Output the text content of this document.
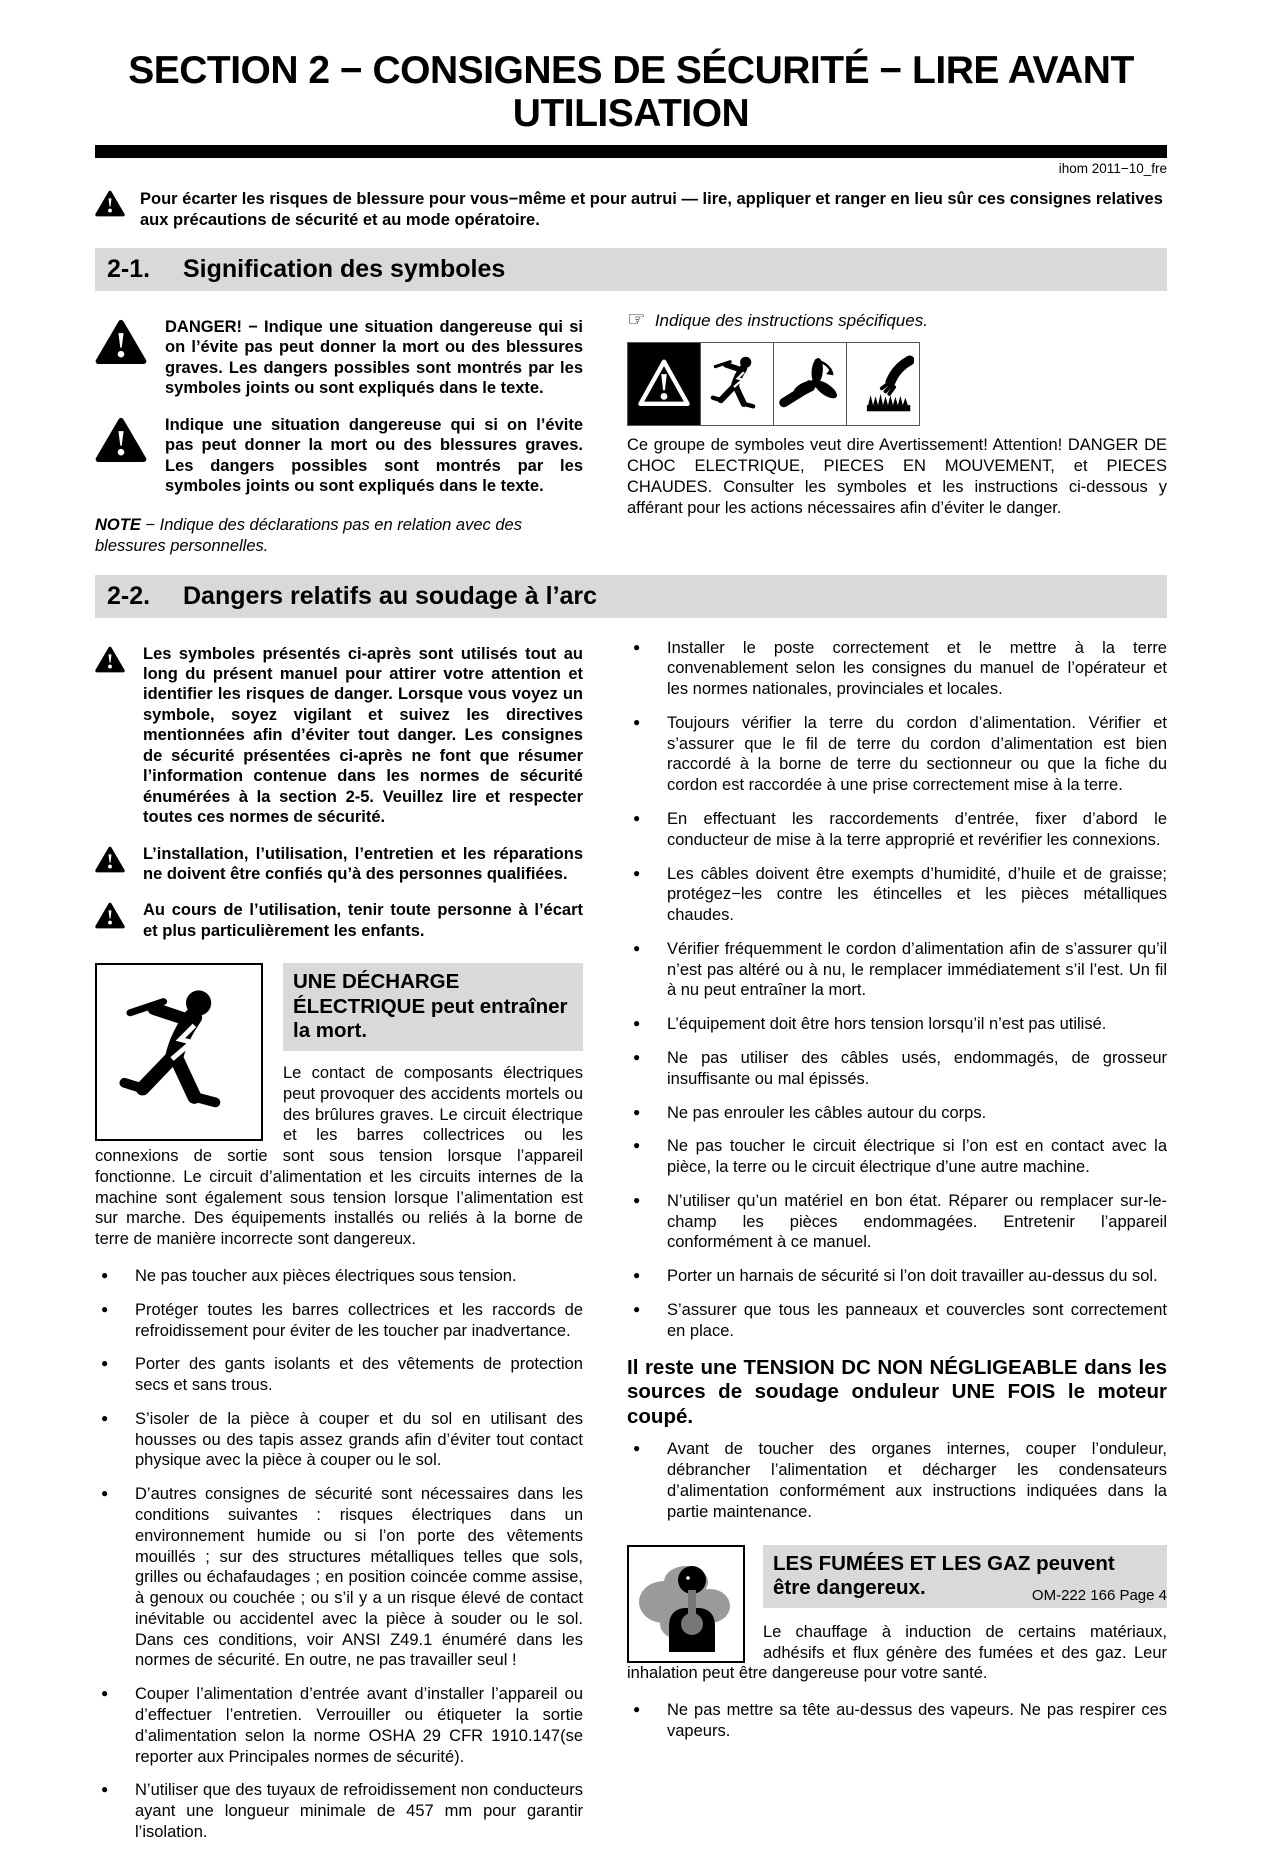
SECTION 2 − CONSIGNES DE SÉCURITÉ − LIRE AVANT
UTILISATION
ihom 2011−10_fre

Pour écarter les risques de blessure pour vous−même et pour autrui — lire, appliquer et ranger en lieu sûr ces consignes relatives aux précautions de sécurité et au mode opératoire.

2-1.	Signification des symboles

DANGER! − Indique une situation dangereuse qui si on l’évite pas peut donner la mort ou des blessures graves. Les dangers possibles sont montrés par les symboles joints ou sont expliqués dans le texte.

Indique une situation dangereuse qui si on l’évite pas peut donner la mort ou des blessures graves. Les dangers possibles sont montrés par les symboles joints ou sont expliqués dans le texte.

NOTE − Indique des déclarations pas en relation avec des blessures personnelles.
☞ Indique des instructions spécifiques.

Ce groupe de symboles veut dire Avertissement! Attention! DANGER DE CHOC ELECTRIQUE, PIECES EN MOUVEMENT, et PIECES CHAUDES. Consulter les symboles et les instructions ci-dessous y afférant pour les actions nécessaires afin d’éviter le danger.

2-2.	Dangers relatifs au soudage à l’arc

Les symboles présentés ci-après sont utilisés tout au long du présent manuel pour attirer votre attention et identifier les risques de danger. Lorsque vous voyez un symbole, soyez vigilant et suivez les directives mentionnées afin d’éviter tout danger. Les consignes de sécurité présentées ci-après ne font que résumer l’information contenue dans les normes de sécurité énumérées à la section 2-5. Veuillez lire et respecter toutes ces normes de sécurité.

L’installation, l’utilisation, l’entretien et les réparations ne doivent être confiés qu’à des personnes qualifiées.

Au cours de l’utilisation, tenir toute personne à l’écart et plus particulièrement les enfants.

UNE DÉCHARGE ÉLECTRIQUE peut entraîner la mort.

Le contact de composants électriques peut provoquer des accidents mortels ou des brûlures graves. Le circuit électrique et les barres collectrices ou les connexions de sortie sont sous tension lorsque l’appareil fonctionne. Le circuit d’alimentation et les circuits internes de la machine sont également sous tension lorsque l’alimentation est sur marche. Des équipements installés ou reliés à la borne de terre de manière incorrecte sont dangereux.

● Ne pas toucher aux pièces électriques sous tension.
● Protéger toutes les barres collectrices et les raccords de refroidissement pour éviter de les toucher par inadvertance.
● Porter des gants isolants et des vêtements de protection secs et sans trous.
● S’isoler de la pièce à couper et du sol en utilisant des housses ou des tapis assez grands afin d’éviter tout contact physique avec la pièce à couper ou le sol.
● D’autres consignes de sécurité sont nécessaires dans les conditions suivantes : risques électriques dans un environnement humide ou si l’on porte des vêtements mouillés ; sur des structures métalliques telles que sols, grilles ou échafaudages ; en position coincée comme assise, à genoux ou couchée ; ou s’il y a un risque élevé de contact inévitable ou accidentel avec la pièce à souder ou le sol. Dans ces conditions, voir ANSI Z49.1 énuméré dans les normes de sécurité. En outre, ne pas travailler seul !
● Couper l’alimentation d’entrée avant d’installer l’appareil ou d’effectuer l’entretien. Verrouiller ou étiqueter la sortie d’alimentation selon la norme OSHA 29 CFR 1910.147(se reporter aux Principales normes de sécurité).
● N’utiliser que des tuyaux de refroidissement non conducteurs ayant une longueur minimale de 457 mm pour garantir l’isolation.
● Installer le poste correctement et le mettre à la terre convenablement selon les consignes du manuel de l’opérateur et les normes nationales, provinciales et locales.
● Toujours vérifier la terre du cordon d’alimentation. Vérifier et s’assurer que le fil de terre du cordon d’alimentation est bien raccordé à la borne de terre du sectionneur ou que la fiche du cordon est raccordée à une prise correctement mise à la terre.
● En effectuant les raccordements d’entrée, fixer d’abord le conducteur de mise à la terre approprié et revérifier les connexions.
● Les câbles doivent être exempts d’humidité, d’huile et de graisse; protégez−les contre les étincelles et les pièces métalliques chaudes.
● Vérifier fréquemment le cordon d’alimentation afin de s’assurer qu’il n’est pas altéré ou à nu, le remplacer immédiatement s’il l’est. Un fil à nu peut entraîner la mort.
● L’équipement doit être hors tension lorsqu’il n’est pas utilisé.
● Ne pas utiliser des câbles usés, endommagés, de grosseur insuffisante ou mal épissés.
● Ne pas enrouler les câbles autour du corps.
● Ne pas toucher le circuit électrique si l’on est en contact avec la pièce, la terre ou le circuit électrique d’une autre machine.
● N’utiliser qu’un matériel en bon état. Réparer ou remplacer sur-le-champ les pièces endommagées. Entretenir l’appareil conformément à ce manuel.
● Porter un harnais de sécurité si l’on doit travailler au-dessus du sol.
● S’assurer que tous les panneaux et couvercles sont correctement en place.

Il reste une TENSION DC NON NÉGLIGEABLE dans les sources de soudage onduleur UNE FOIS le moteur coupé.

● Avant de toucher des organes internes, couper l’onduleur, débrancher l’alimentation et décharger les condensateurs d’alimentation conformément aux instructions indiquées dans la partie maintenance.
LES FUMÉES ET LES GAZ peuvent être dangereux.

Le chauffage à induction de certains matériaux, adhésifs et flux génère des fumées et des gaz. Leur inhalation peut être dangereuse pour votre santé.

● Ne pas mettre sa tête au-dessus des vapeurs. Ne pas respirer ces vapeurs.
OM-222 166 Page 4
